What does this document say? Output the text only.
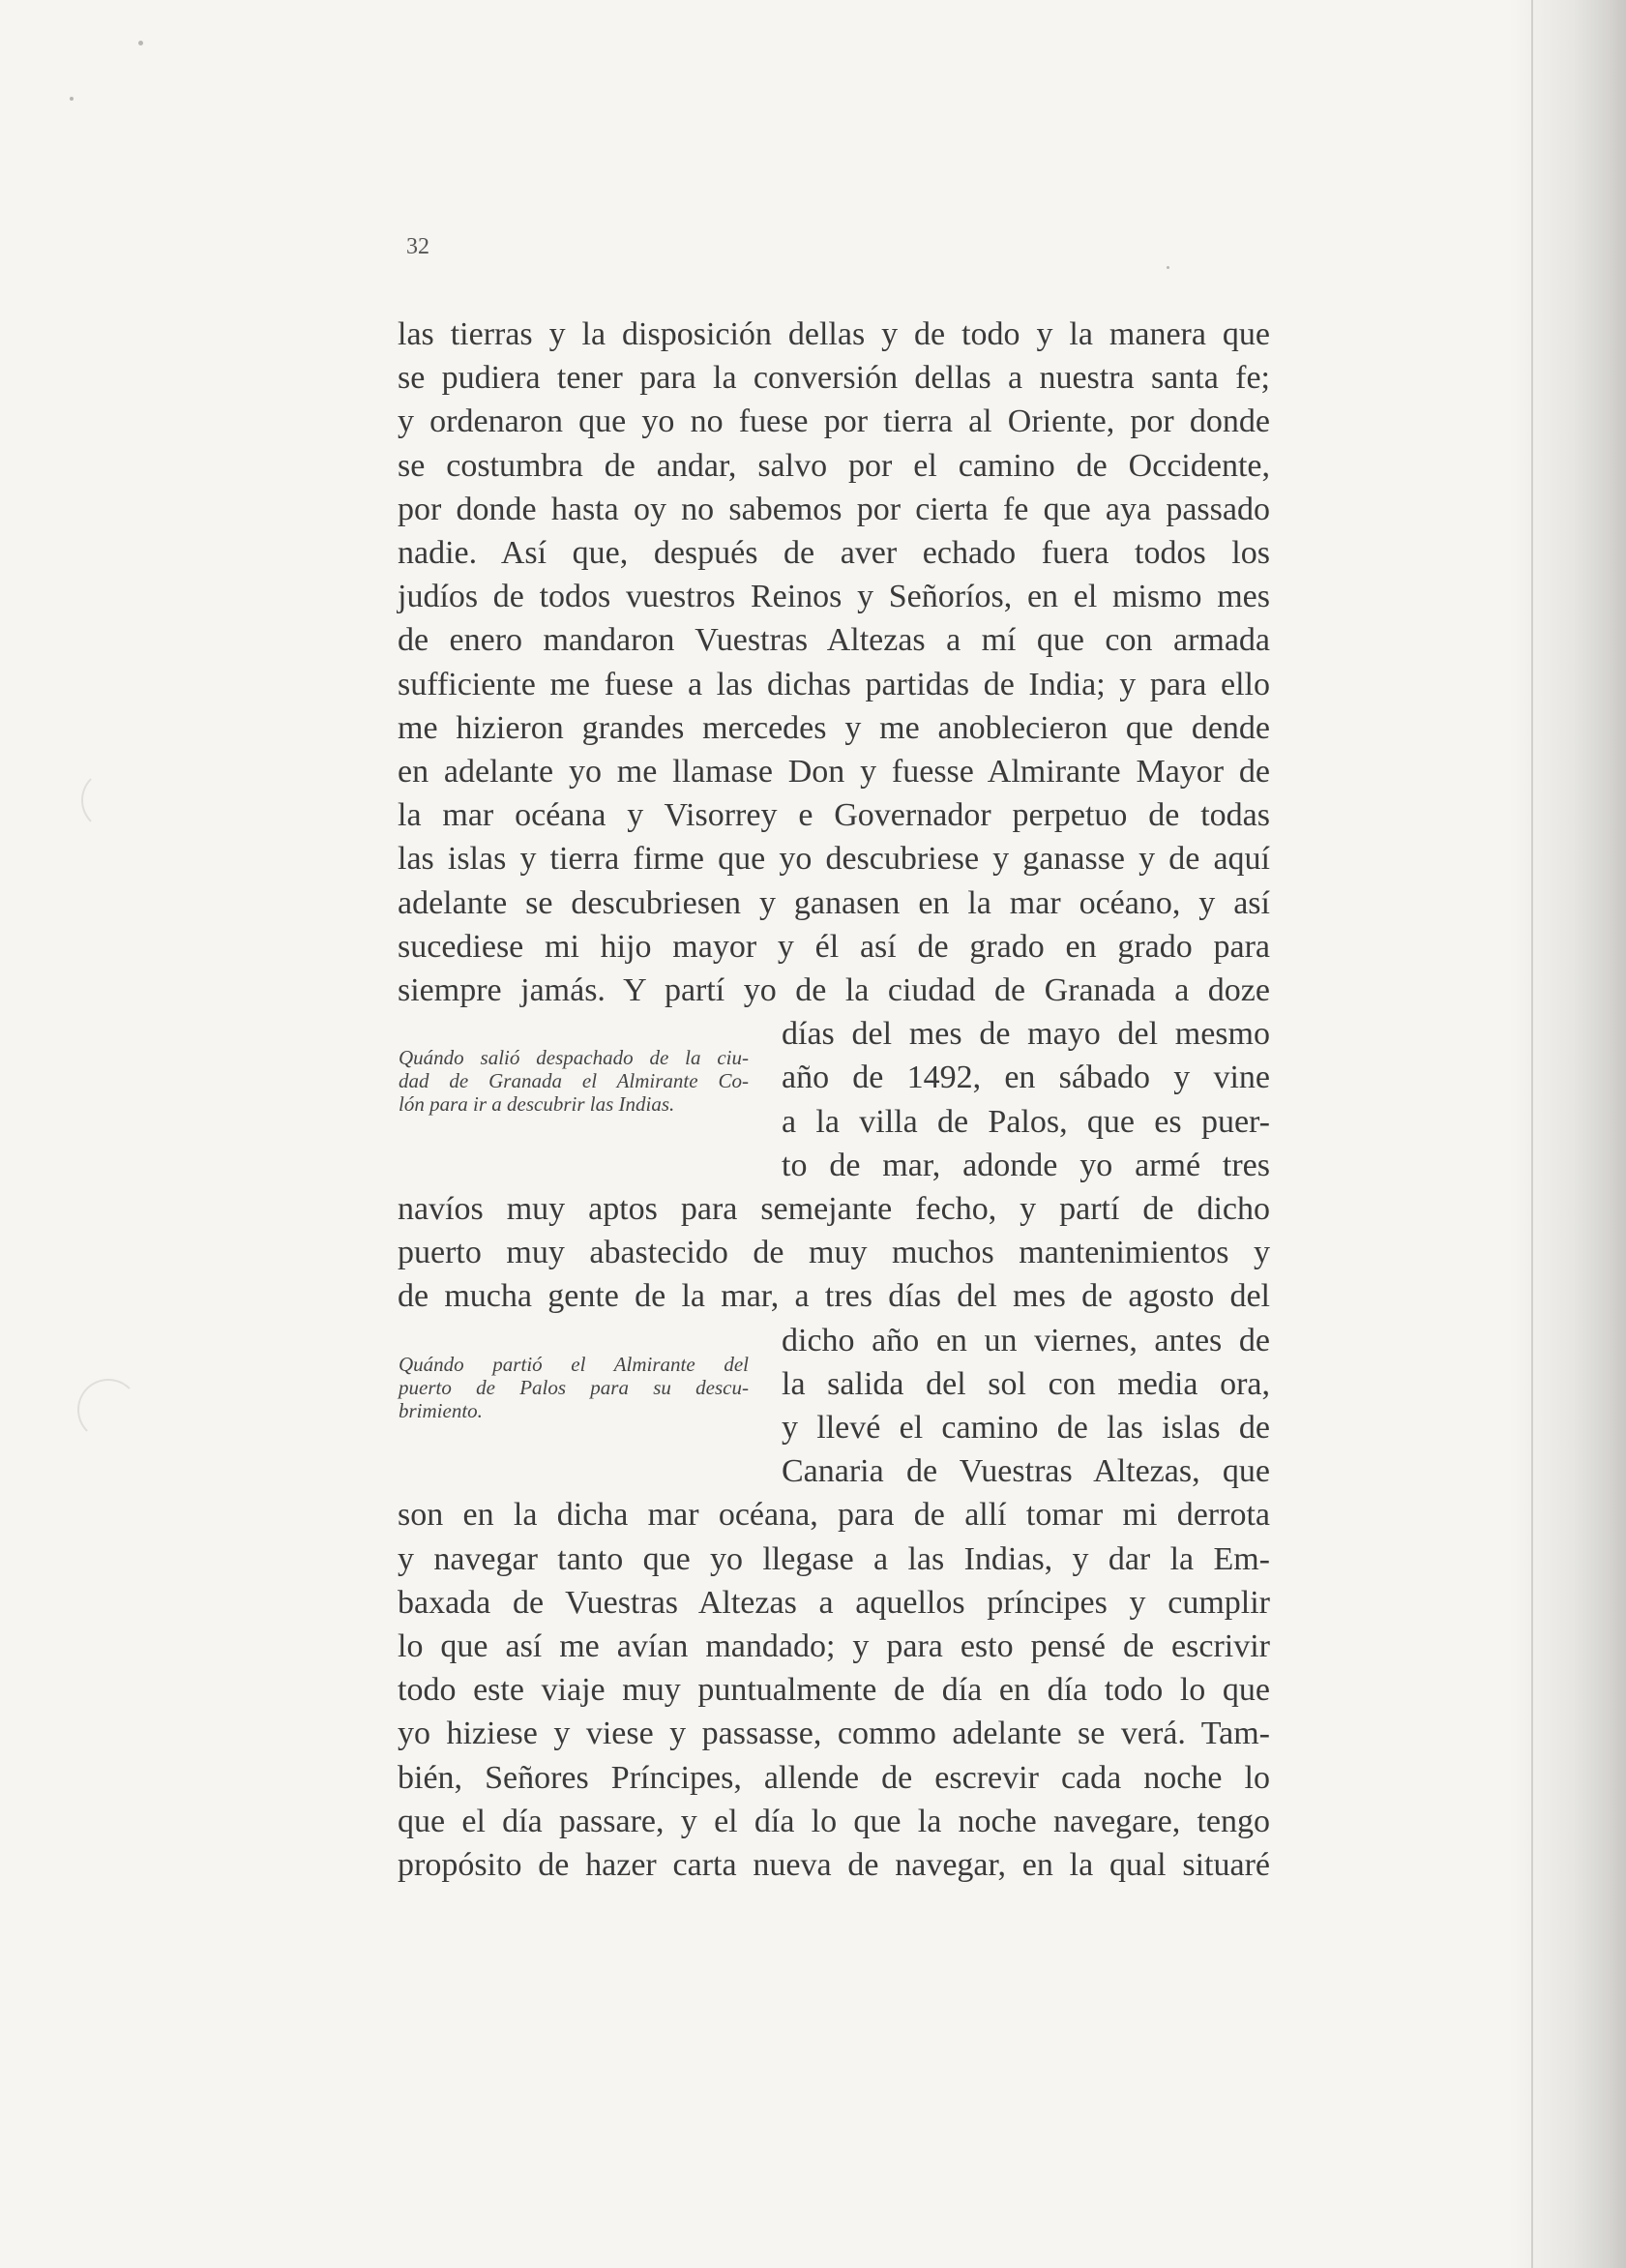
32
las tierras y la disposición dellas y de todo y la manera que
se pudiera tener para la conversión dellas a nuestra santa fe;
y ordenaron que yo no fuese por tierra al Oriente, por donde
se costumbra de andar, salvo por el camino de Occidente,
por donde hasta oy no sabemos por cierta fe que aya passado
nadie. Así que, después de aver echado fuera todos los
judíos de todos vuestros Reinos y Señoríos, en el mismo mes
de enero mandaron Vuestras Altezas a mí que con armada
sufficiente me fuese a las dichas partidas de India; y para ello
me hizieron grandes mercedes y me anoblecieron que dende
en adelante yo me llamase Don y fuesse Almirante Mayor de
la mar océana y Visorrey e Governador perpetuo de todas
las islas y tierra firme que yo descubriese y ganasse y de aquí
adelante se descubriesen y ganasen en la mar océano, y así
sucediese mi hijo mayor y él así de grado en grado para
siempre jamás. Y partí yo de la ciudad de Granada a doze
días del mes de mayo del mesmo
año de 1492, en sábado y vine
a la villa de Palos, que es puer-
to de mar, adonde yo armé tres
Quándo salió despachado de la ciu-
dad de Granada el Almirante Co-
lón para ir a descubrir las Indias.
navíos muy aptos para semejante fecho, y partí de dicho
puerto muy abastecido de muy muchos mantenimientos y
de mucha gente de la mar, a tres días del mes de agosto del
dicho año en un viernes, antes de
la salida del sol con media ora,
y llevé el camino de las islas de
Canaria de Vuestras Altezas, que
Quándo partió el Almirante del
puerto de Palos para su descu-
brimiento.
son en la dicha mar océana, para de allí tomar mi derrota
y navegar tanto que yo llegase a las Indias, y dar la Em-
baxada de Vuestras Altezas a aquellos príncipes y cumplir
lo que así me avían mandado; y para esto pensé de escrivir
todo este viaje muy puntualmente de día en día todo lo que
yo hiziese y viese y passasse, commo adelante se verá. Tam-
bién, Señores Príncipes, allende de escrevir cada noche lo
que el día passare, y el día lo que la noche navegare, tengo
propósito de hazer carta nueva de navegar, en la qual situaré
